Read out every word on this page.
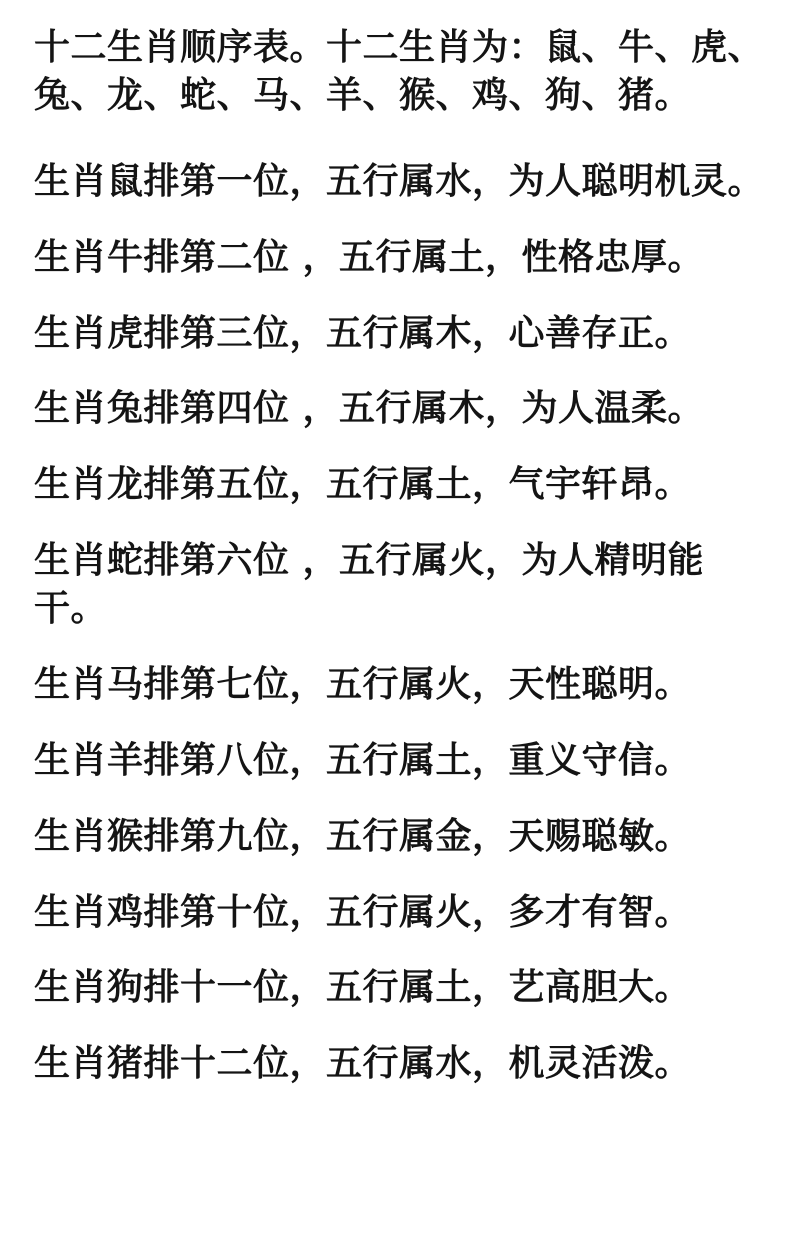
十二生肖顺序表。十二生肖为：鼠、牛、虎、兔、龙、蛇、马、羊、猴、鸡、狗、猪。

生肖鼠排第一位，五行属水，为人聪明机灵。

生肖牛排第二位 ，五行属土，性格忠厚。

生肖虎排第三位，五行属木，心善存正。

生肖兔排第四位 ，五行属木，为人温柔。

生肖龙排第五位，五行属土，气宇轩昂。

生肖蛇排第六位 ，五行属火，为人精明能干。

生肖马排第七位，五行属火，天性聪明。

生肖羊排第八位，五行属土，重义守信。

生肖猴排第九位，五行属金，天赐聪敏。

生肖鸡排第十位，五行属火，多才有智。

生肖狗排十一位，五行属土，艺高胆大。

生肖猪排十二位，五行属水，机灵活泼。
